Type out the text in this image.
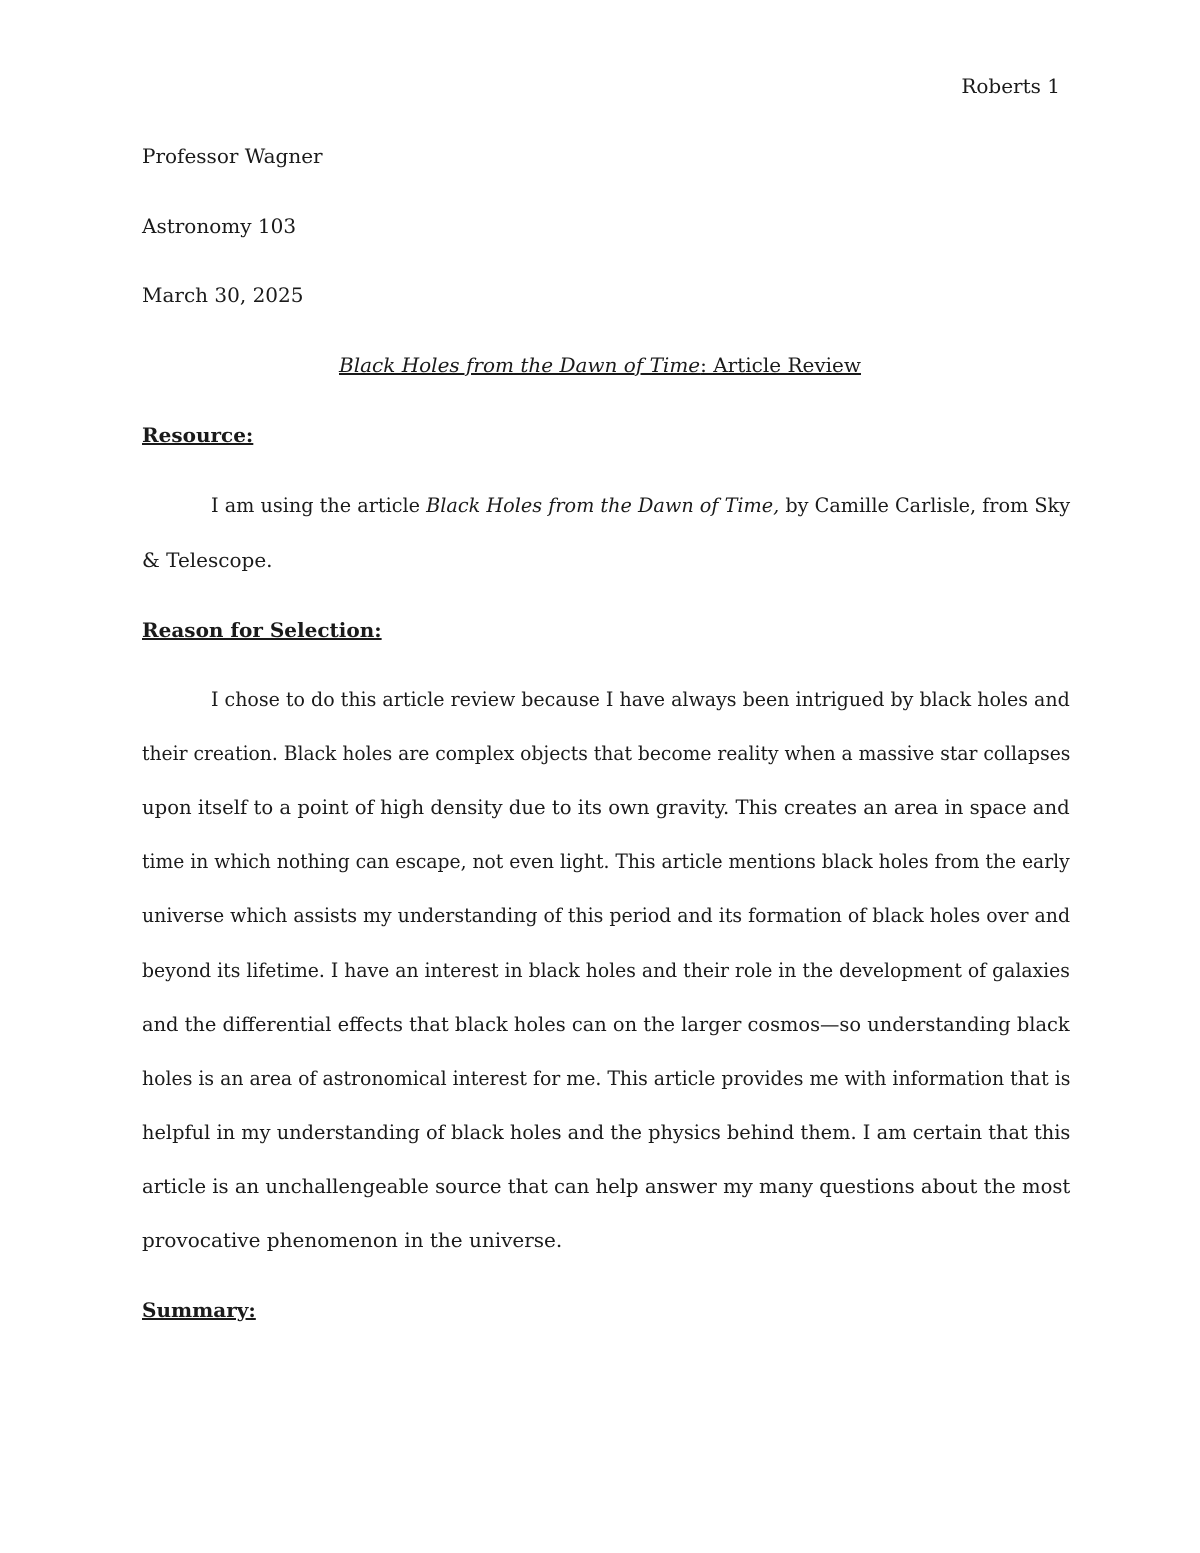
Roberts 1
Professor Wagner
Astronomy 103
March 30, 2025
Black Holes from the Dawn of Time: Article Review
Resource:
I am using the article Black Holes from the Dawn of Time, by Camille Carlisle, from Sky
& Telescope.
Reason for Selection:
I chose to do this article review because I have always been intrigued by black holes and
their creation. Black holes are complex objects that become reality when a massive star collapses
upon itself to a point of high density due to its own gravity. This creates an area in space and
time in which nothing can escape, not even light. This article mentions black holes from the early
universe which assists my understanding of this period and its formation of black holes over and
beyond its lifetime. I have an interest in black holes and their role in the development of galaxies
and the differential effects that black holes can on the larger cosmos—so understanding black
holes is an area of astronomical interest for me. This article provides me with information that is
helpful in my understanding of black holes and the physics behind them. I am certain that this
article is an unchallengeable source that can help answer my many questions about the most
provocative phenomenon in the universe.
Summary:
